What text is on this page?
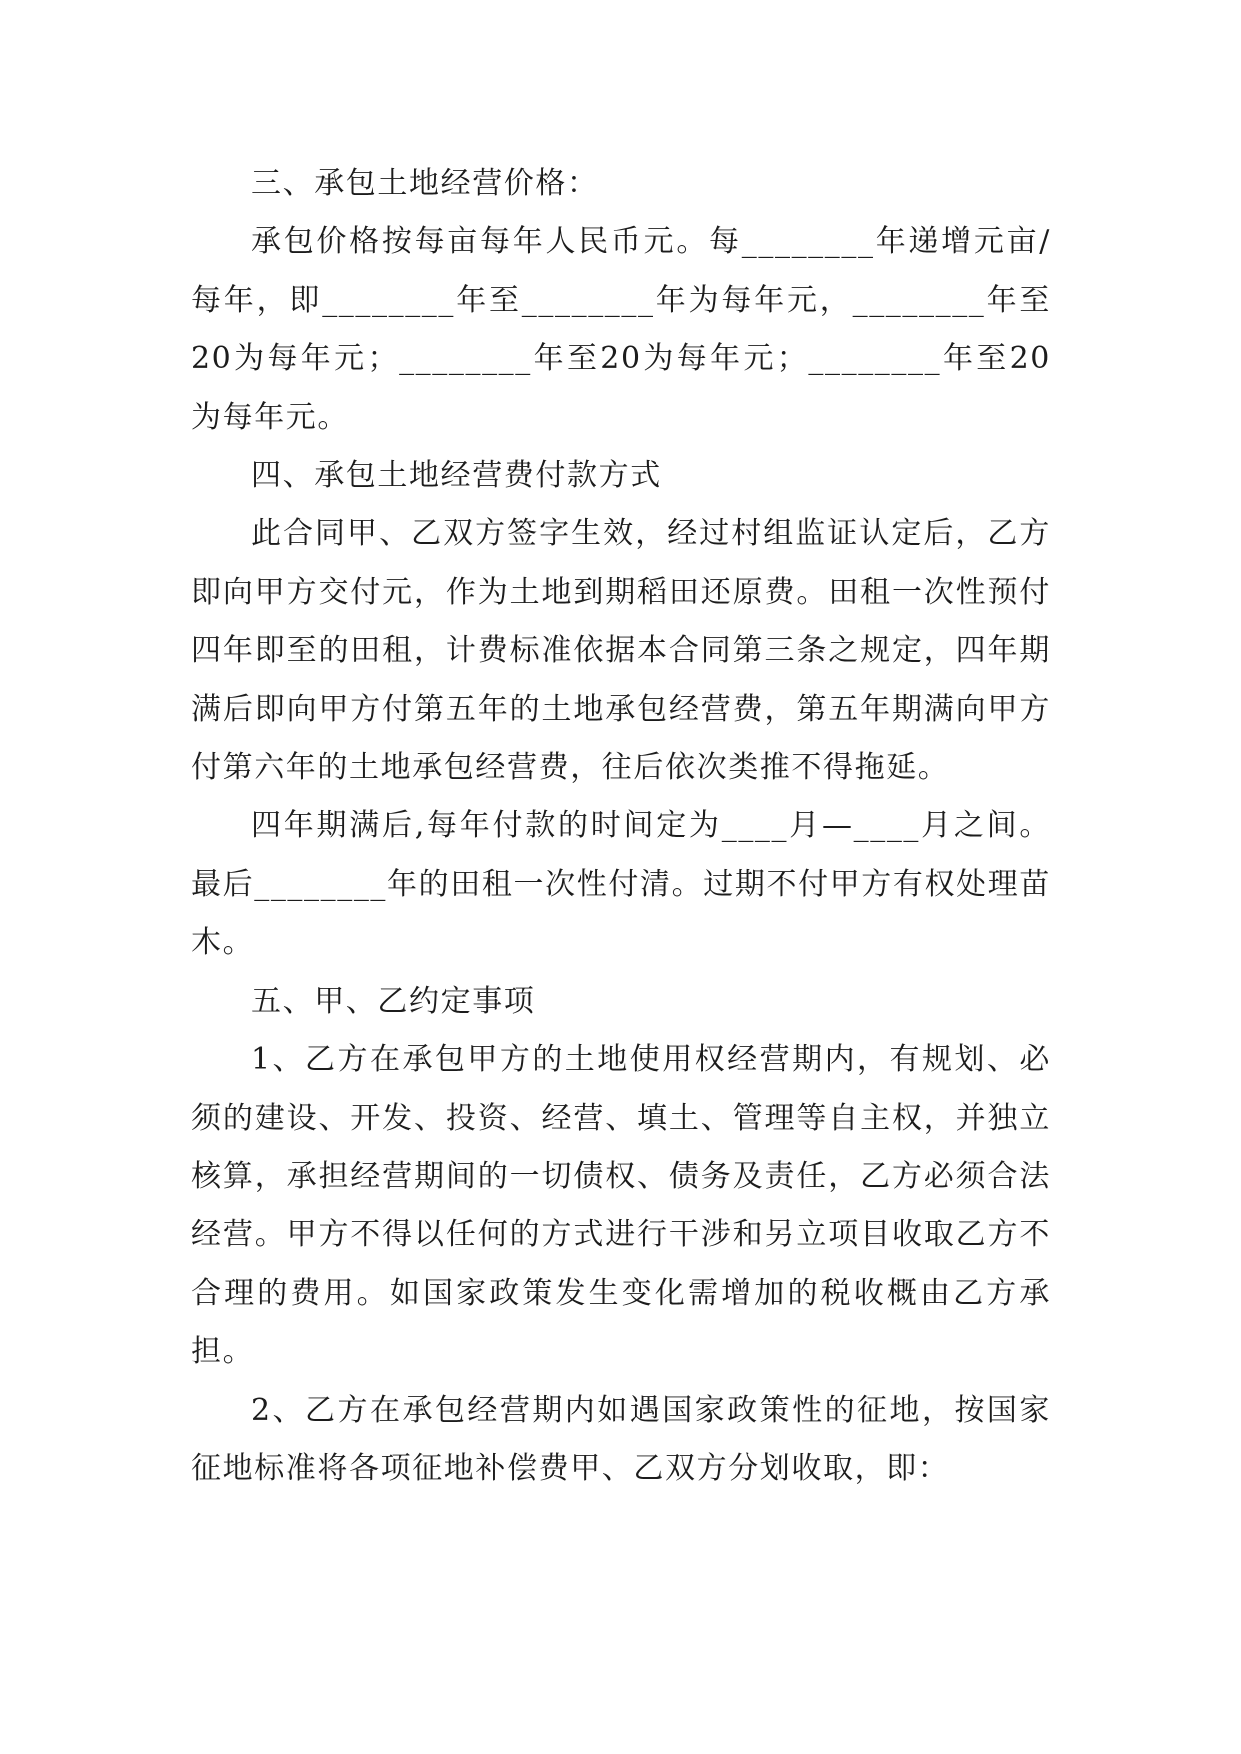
三、承包土地经营价格：

承包价格按每亩每年人民币元。每________年递增元亩/每年，即________年至________年为每年元，________年至20为每年元；________年至20为每年元；________年至20为每年元。

四、承包土地经营费付款方式

此合同甲、乙双方签字生效，经过村组监证认定后，乙方即向甲方交付元，作为土地到期稻田还原费。田租一次性预付四年即至的田租，计费标准依据本合同第三条之规定，四年期满后即向甲方付第五年的土地承包经营费，第五年期满向甲方付第六年的土地承包经营费，往后依次类推不得拖延。

四年期满后,每年付款的时间定为____月—____月之间。最后________年的田租一次性付清。过期不付甲方有权处理苗木。

五、甲、乙约定事项

1、乙方在承包甲方的土地使用权经营期内，有规划、必须的建设、开发、投资、经营、填土、管理等自主权，并独立核算，承担经营期间的一切债权、债务及责任，乙方必须合法经营。甲方不得以任何的方式进行干涉和另立项目收取乙方不合理的费用。如国家政策发生变化需增加的税收概由乙方承担。

2、乙方在承包经营期内如遇国家政策性的征地，按国家征地标准将各项征地补偿费甲、乙双方分划收取，即：
